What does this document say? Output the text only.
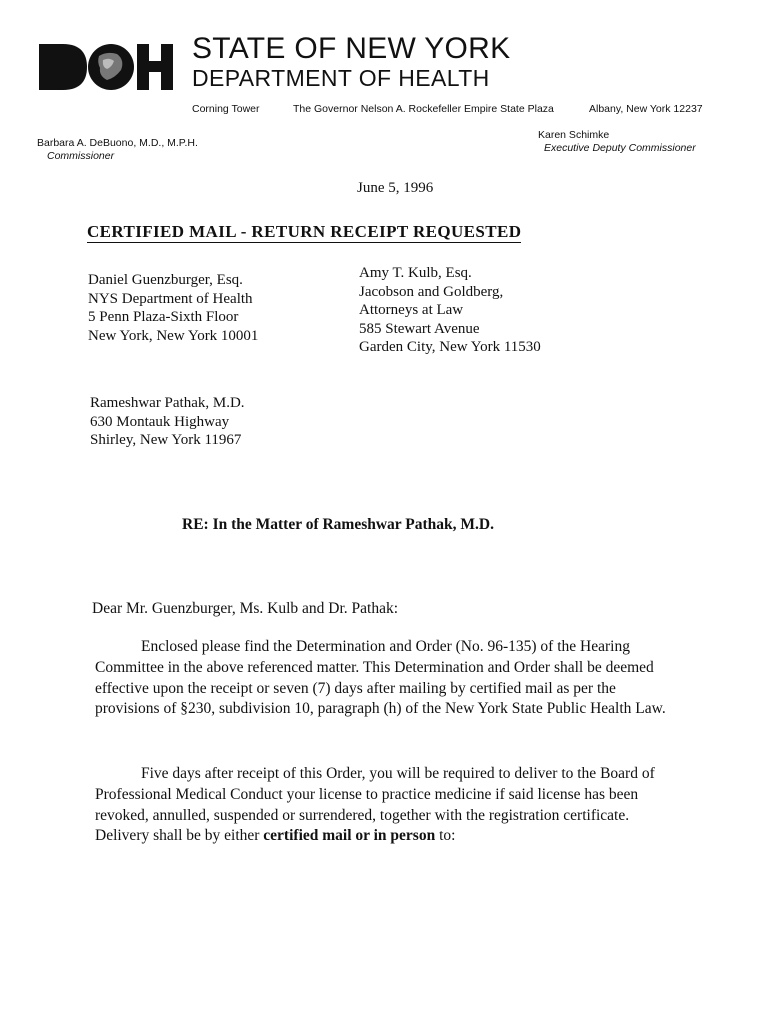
STATE OF NEW YORK
DEPARTMENT OF HEALTH
Corning Tower	The Governor Nelson A. Rockefeller Empire State Plaza	Albany, New York 12237
Barbara A. DeBuono, M.D., M.P.H.
Commissioner
Karen Schimke
Executive Deputy Commissioner
June 5, 1996
CERTIFIED MAIL - RETURN RECEIPT REQUESTED
Daniel Guenzburger, Esq.
NYS Department of Health
5 Penn Plaza-Sixth Floor
New York, New York 10001
Amy T. Kulb, Esq.
Jacobson and Goldberg,
Attorneys at Law
585 Stewart Avenue
Garden City, New York 11530
Rameshwar Pathak, M.D.
630 Montauk Highway
Shirley, New York 11967
RE: In the Matter of Rameshwar Pathak, M.D.
Dear Mr. Guenzburger, Ms. Kulb and Dr. Pathak:
Enclosed please find the Determination and Order (No. 96-135) of the Hearing Committee in the above referenced matter. This Determination and Order shall be deemed effective upon the receipt or seven (7) days after mailing by certified mail as per the provisions of §230, subdivision 10, paragraph (h) of the New York State Public Health Law.
Five days after receipt of this Order, you will be required to deliver to the Board of Professional Medical Conduct your license to practice medicine if said license has been revoked, annulled, suspended or surrendered, together with the registration certificate. Delivery shall be by either certified mail or in person to:
